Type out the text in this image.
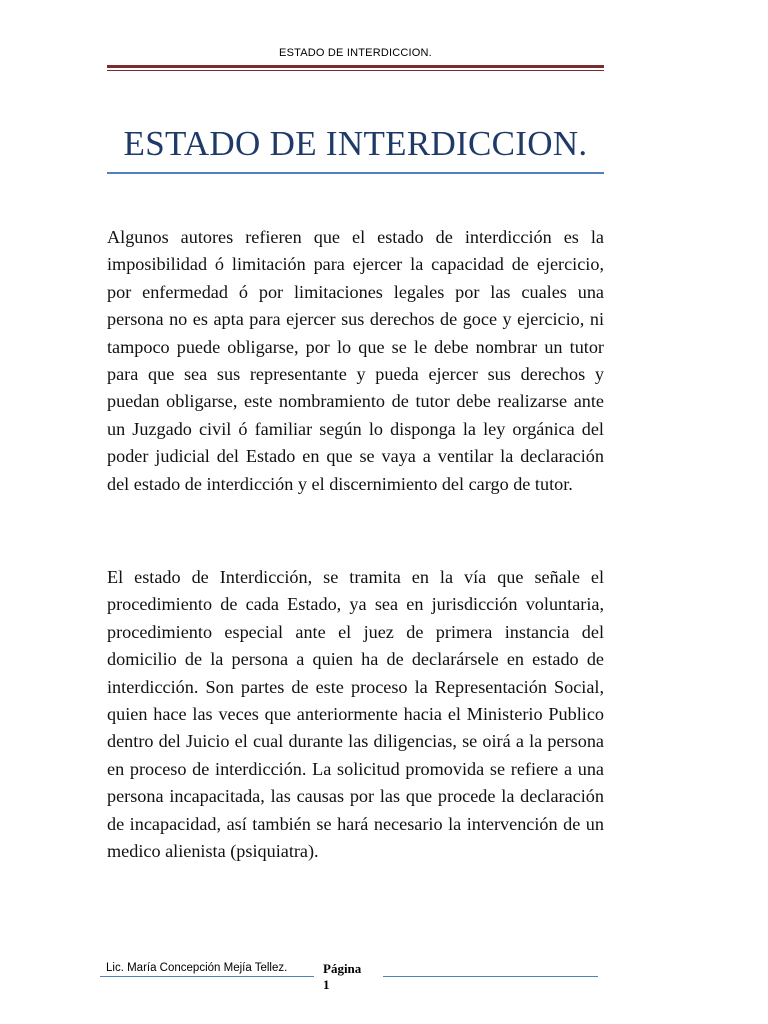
ESTADO DE INTERDICCION.
ESTADO DE INTERDICCION.

Algunos autores refieren que el estado de interdicción es la imposibilidad ó limitación para ejercer la capacidad de ejercicio, por enfermedad ó por limitaciones legales por las cuales una persona no es apta para ejercer sus derechos de goce y ejercicio, ni tampoco puede obligarse, por lo que se le debe nombrar un tutor para que sea sus representante y pueda ejercer sus derechos y puedan obligarse, este nombramiento de tutor debe realizarse ante un Juzgado civil ó familiar según lo disponga la ley orgánica del poder judicial del Estado en que se vaya a ventilar la declaración del estado de interdicción y el discernimiento del cargo de tutor.

El estado de Interdicción, se tramita en la vía que señale el procedimiento de cada Estado, ya sea en jurisdicción voluntaria, procedimiento especial ante el juez de primera instancia del domicilio de la persona a quien ha de declarársele en estado de interdicción. Son partes de este proceso la Representación Social, quien hace las veces que anteriormente hacia el Ministerio Publico dentro del Juicio el cual durante las diligencias, se oirá a la persona en proceso de interdicción. La solicitud promovida se refiere a una persona incapacitada, las causas por las que procede la declaración de incapacidad, así también se hará necesario la intervención de un medico alienista (psiquiatra).

Lic. María Concepción Mejía Tellez.	Página
1
